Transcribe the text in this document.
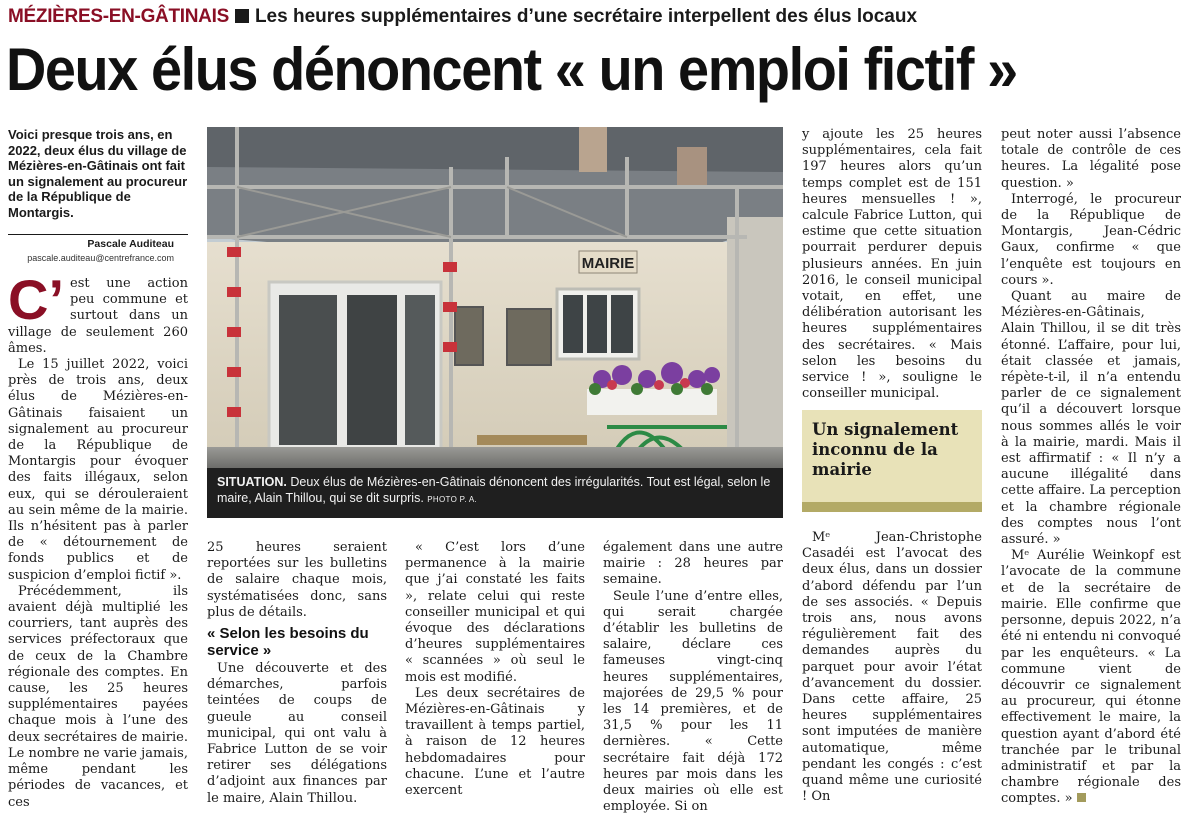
MÉZIÈRES-EN-GÂTINAIS Les heures supplémentaires d’une secrétaire interpellent des élus locaux
Deux élus dénoncent « un emploi fictif »
Voici presque trois ans, en 2022, deux élus du village de Mézières-en-Gâtinais ont fait un signalement au procureur de la République de Montargis.
Pascale Auditeau
pascale.auditeau@centrefrance.com

C’ est une action peu commune et surtout dans un village de seulement 260 âmes.

Le 15 juillet 2022, voici près de trois ans, deux élus de Mézières-en-Gâtinais faisaient un signalement au procureur de la République de Montargis pour évoquer des faits illégaux, selon eux, qui se dérouleraient au sein même de la mairie. Ils n’hésitent pas à parler de « détournement de fonds publics et de suspicion d’emploi fictif ».

Précédemment, ils avaient déjà multiplié les courriers, tant auprès des services préfectoraux que de ceux de la Chambre régionale des comptes. En cause, les 25 heures supplémentaires payées chaque mois à l’une des deux secrétaires de mairie. Le nombre ne varie jamais, même pendant les périodes de vacances, et ces

MAIRIE
SITUATION. Deux élus de Mézières-en-Gâtinais dénoncent des irrégularités. Tout est légal, selon le maire, Alain Thillou, qui se dit surpris. PHOTO P. A.

25 heures seraient reportées sur les bulletins de salaire chaque mois, systématisées donc, sans plus de détails.

« Selon les besoins du service »

Une découverte et des démarches, parfois teintées de coups de gueule au conseil municipal, qui ont valu à Fabrice Lutton de se voir retirer ses délégations d’adjoint aux finances par le maire, Alain Thillou.

« C’est lors d’une permanence à la mairie que j’ai constaté les faits », relate celui qui reste conseiller municipal et qui évoque des déclarations d’heures supplémentaires « scannées » où seul le mois est modifié.

Les deux secrétaires de Mézières-en-Gâtinais y travaillent à temps partiel, à raison de 12 heures hebdomadaires pour chacune. L’une et l’autre exercent

également dans une autre mairie : 28 heures par semaine.

Seule l’une d’entre elles, qui serait chargée d’établir les bulletins de salaire, déclare ces fameuses vingt-cinq heures supplémentaires, majorées de 29,5 % pour les 14 premières, et de 31,5 % pour les 11 dernières. « Cette secrétaire fait déjà 172 heures par mois dans les deux mairies où elle est employée. Si on

y ajoute les 25 heures supplémentaires, cela fait 197 heures alors qu’un temps complet est de 151 heures mensuelles ! », calcule Fabrice Lutton, qui estime que cette situation pourrait perdurer depuis plusieurs années. En juin 2016, le conseil municipal votait, en effet, une délibération autorisant les heures supplémentaires des secrétaires. « Mais selon les besoins du service ! », souligne le conseiller municipal.

Un signalement inconnu de la mairie

Mᵉ Jean-Christophe Casadéi est l’avocat des deux élus, dans un dossier d’abord défendu par l’un de ses associés. « Depuis trois ans, nous avons régulièrement fait des demandes auprès du parquet pour avoir l’état d’avancement du dossier. Dans cette affaire, 25 heures supplémentaires sont imputées de manière automatique, même pendant les congés : c’est quand même une curiosité ! On

peut noter aussi l’absence totale de contrôle de ces heures. La légalité pose question. »

Interrogé, le procureur de la République de Montargis, Jean-Cédric Gaux, confirme « que l’enquête est toujours en cours ».

Quant au maire de Mézières-en-Gâtinais, Alain Thillou, il se dit très étonné. L’affaire, pour lui, était classée et jamais, répète-t-il, il n’a entendu parler de ce signalement qu’il a découvert lorsque nous sommes allés le voir à la mairie, mardi. Mais il est affirmatif : « Il n’y a aucune illégalité dans cette affaire. La perception et la chambre régionale des comptes nous l’ont assuré. »

Mᵉ Aurélie Weinkopf est l’avocate de la commune et de la secrétaire de mairie. Elle confirme que personne, depuis 2022, n’a été ni entendu ni convoqué par les enquêteurs. « La commune vient de découvrir ce signalement au procureur, qui étonne effectivement le maire, la question ayant d’abord été tranchée par le tribunal administratif et par la chambre régionale des comptes. »
